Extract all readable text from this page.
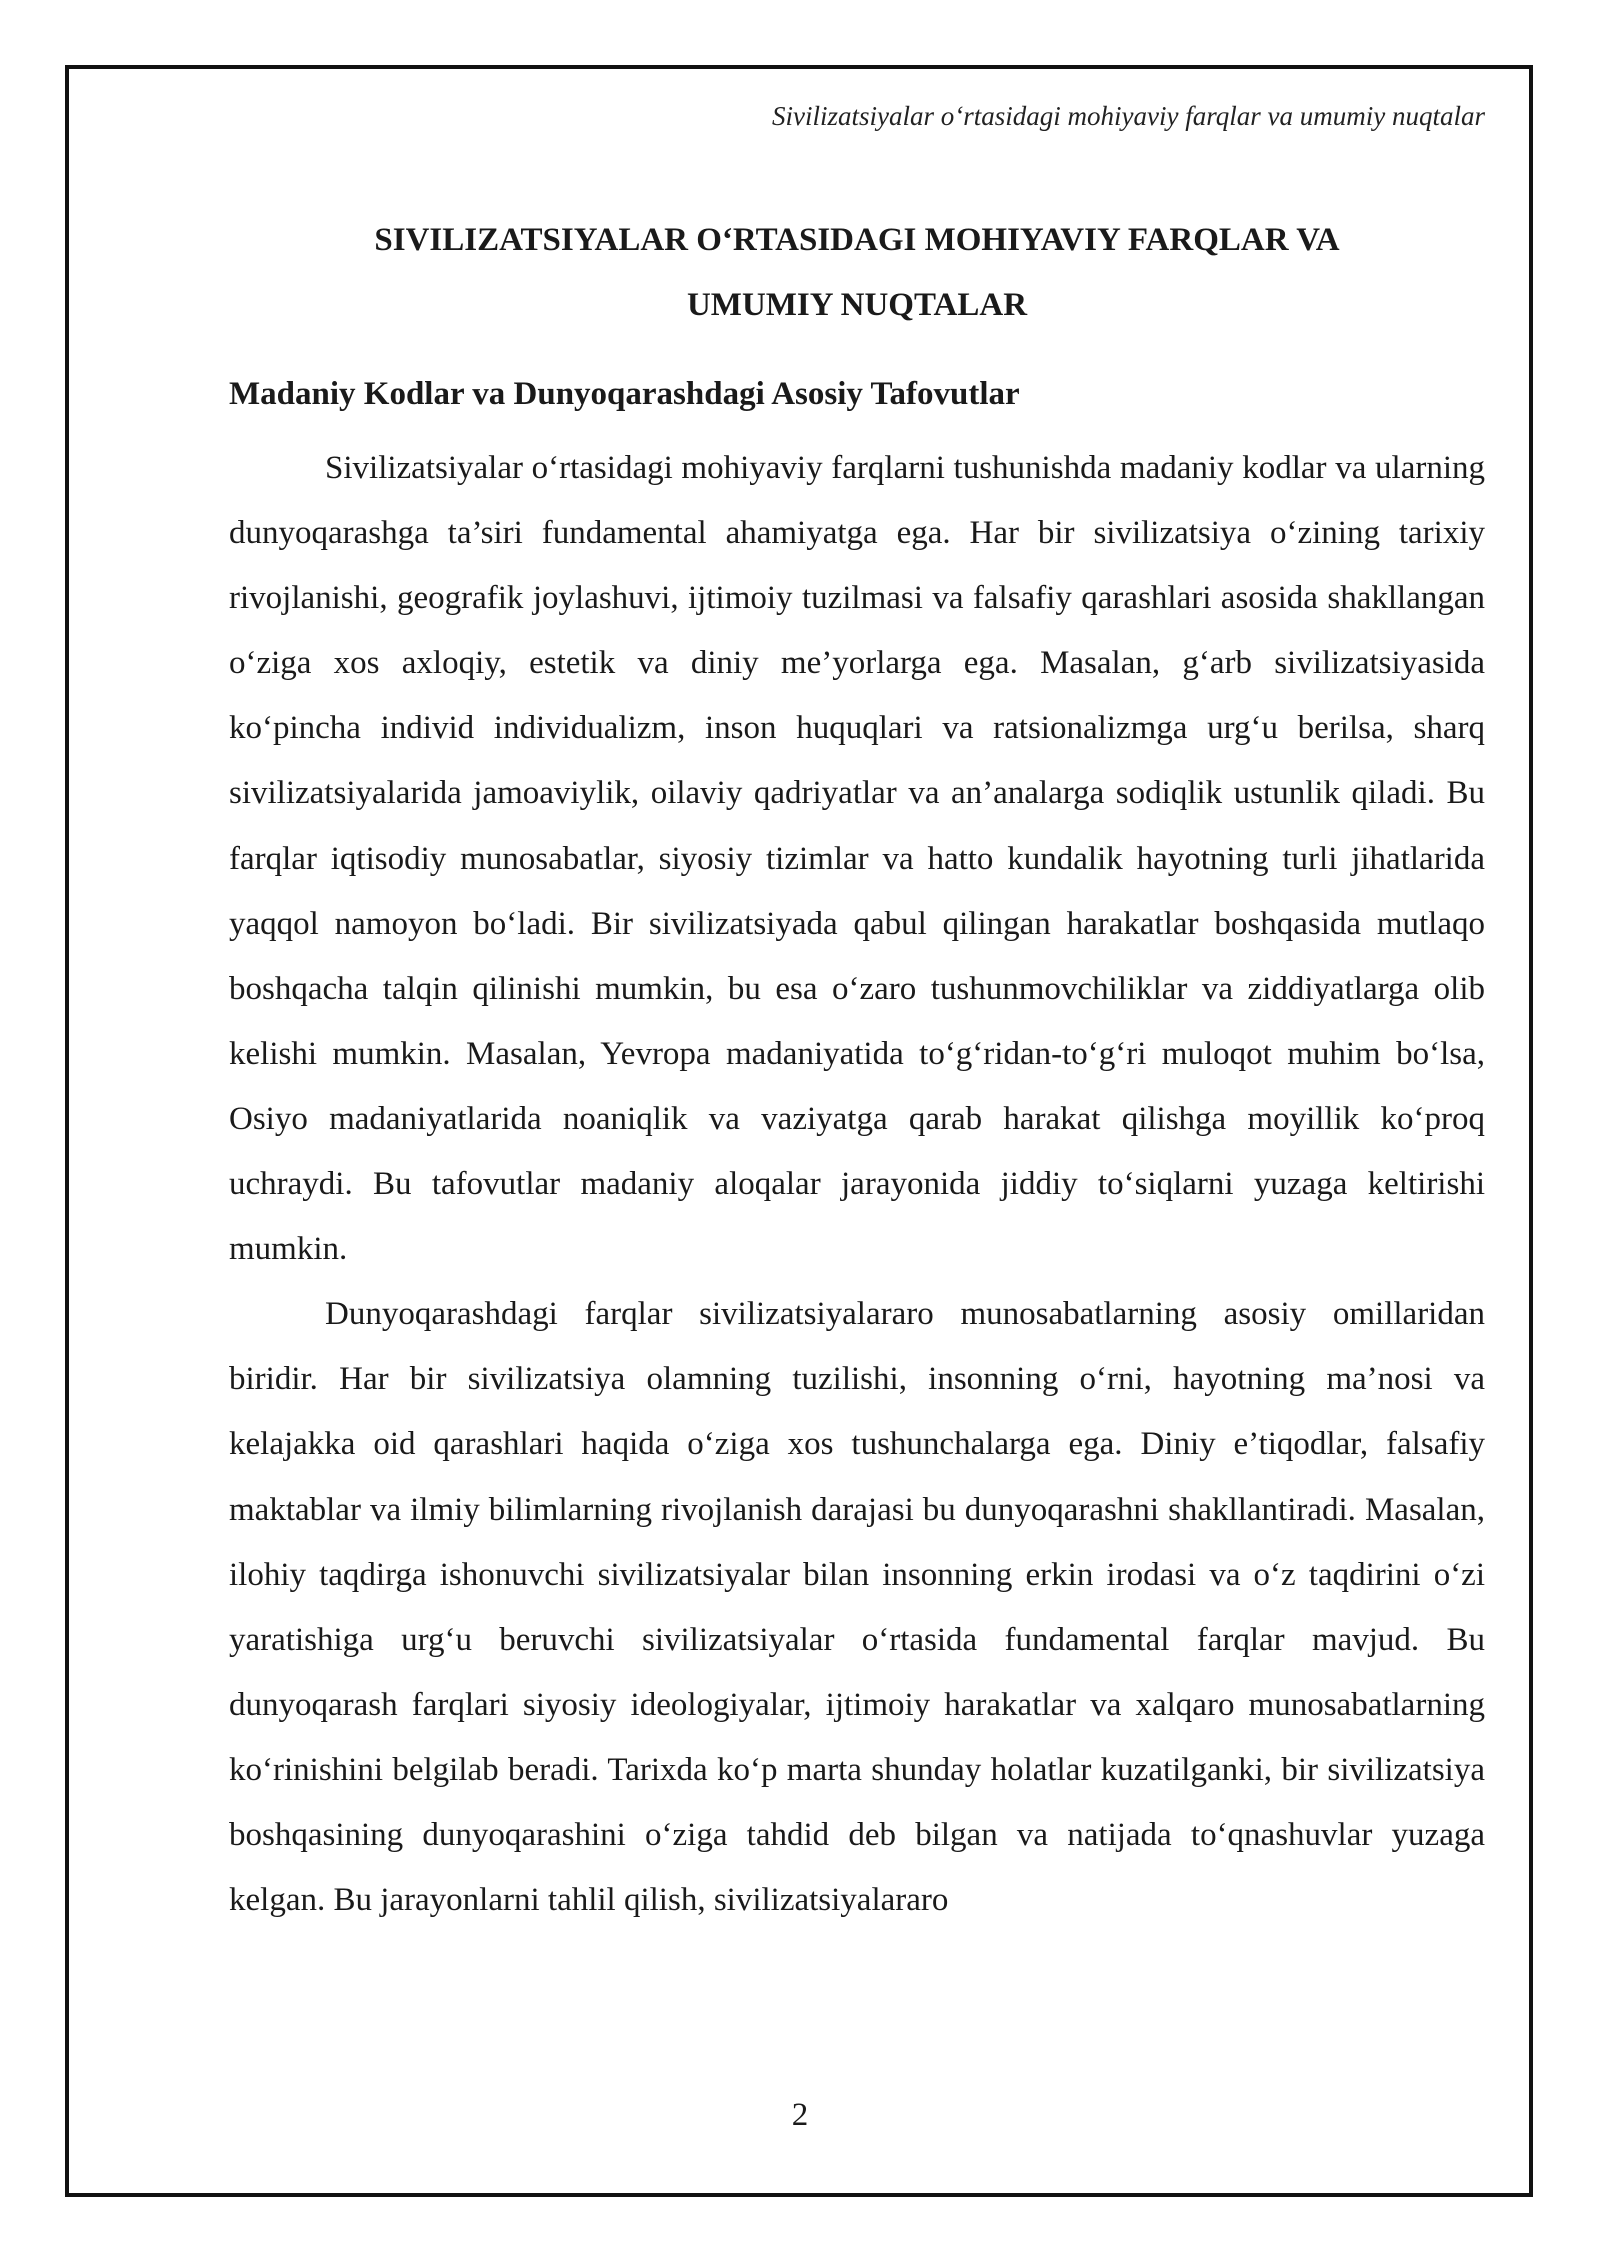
Sivilizatsiyalar o‘rtasidagi mohiyaviy farqlar va umumiy nuqtalar
SIVILIZATSIYALAR O‘RTASIDAGI MOHIYAVIY FARQLAR VA
UMUMIY NUQTALAR
Madaniy Kodlar va Dunyoqarashdagi Asosiy Tafovutlar

Sivilizatsiyalar o‘rtasidagi mohiyaviy farqlarni tushunishda madaniy kodlar va ularning dunyoqarashga ta’siri fundamental ahamiyatga ega. Har bir sivilizatsiya o‘zining tarixiy rivojlanishi, geografik joylashuvi, ijtimoiy tuzilmasi va falsafiy qarashlari asosida shakllangan o‘ziga xos axloqiy, estetik va diniy me’yorlarga ega. Masalan, g‘arb sivilizatsiyasida ko‘pincha individ individualizm, inson huquqlari va ratsionalizmga urg‘u berilsa, sharq sivilizatsiyalarida jamoaviylik, oilaviy qadriyatlar va an’analarga sodiqlik ustunlik qiladi. Bu farqlar iqtisodiy munosabatlar, siyosiy tizimlar va hatto kundalik hayotning turli jihatlarida yaqqol namoyon bo‘ladi. Bir sivilizatsiyada qabul qilingan harakatlar boshqasida mutlaqo boshqacha talqin qilinishi mumkin, bu esa o‘zaro tushunmovchiliklar va ziddiyatlarga olib kelishi mumkin. Masalan, Yevropa madaniyatida to‘g‘ridan-to‘g‘ri muloqot muhim bo‘lsa, Osiyo madaniyatlarida noaniqlik va vaziyatga qarab harakat qilishga moyillik ko‘proq uchraydi. Bu tafovutlar madaniy aloqalar jarayonida jiddiy to‘siqlarni yuzaga keltirishi mumkin.

Dunyoqarashdagi farqlar sivilizatsiyalararo munosabatlarning asosiy omillaridan biridir. Har bir sivilizatsiya olamning tuzilishi, insonning o‘rni, hayotning ma’nosi va kelajakka oid qarashlari haqida o‘ziga xos tushunchalarga ega. Diniy e’tiqodlar, falsafiy maktablar va ilmiy bilimlarning rivojlanish darajasi bu dunyoqarashni shakllantiradi. Masalan, ilohiy taqdirga ishonuvchi sivilizatsiyalar bilan insonning erkin irodasi va o‘z taqdirini o‘zi yaratishiga urg‘u beruvchi sivilizatsiyalar o‘rtasida fundamental farqlar mavjud. Bu dunyoqarash farqlari siyosiy ideologiyalar, ijtimoiy harakatlar va xalqaro munosabatlarning ko‘rinishini belgilab beradi. Tarixda ko‘p marta shunday holatlar kuzatilganki, bir sivilizatsiya boshqasining dunyoqarashini o‘ziga tahdid deb bilgan va natijada to‘qnashuvlar yuzaga kelgan. Bu jarayonlarni tahlil qilish, sivilizatsiyalararo

2
